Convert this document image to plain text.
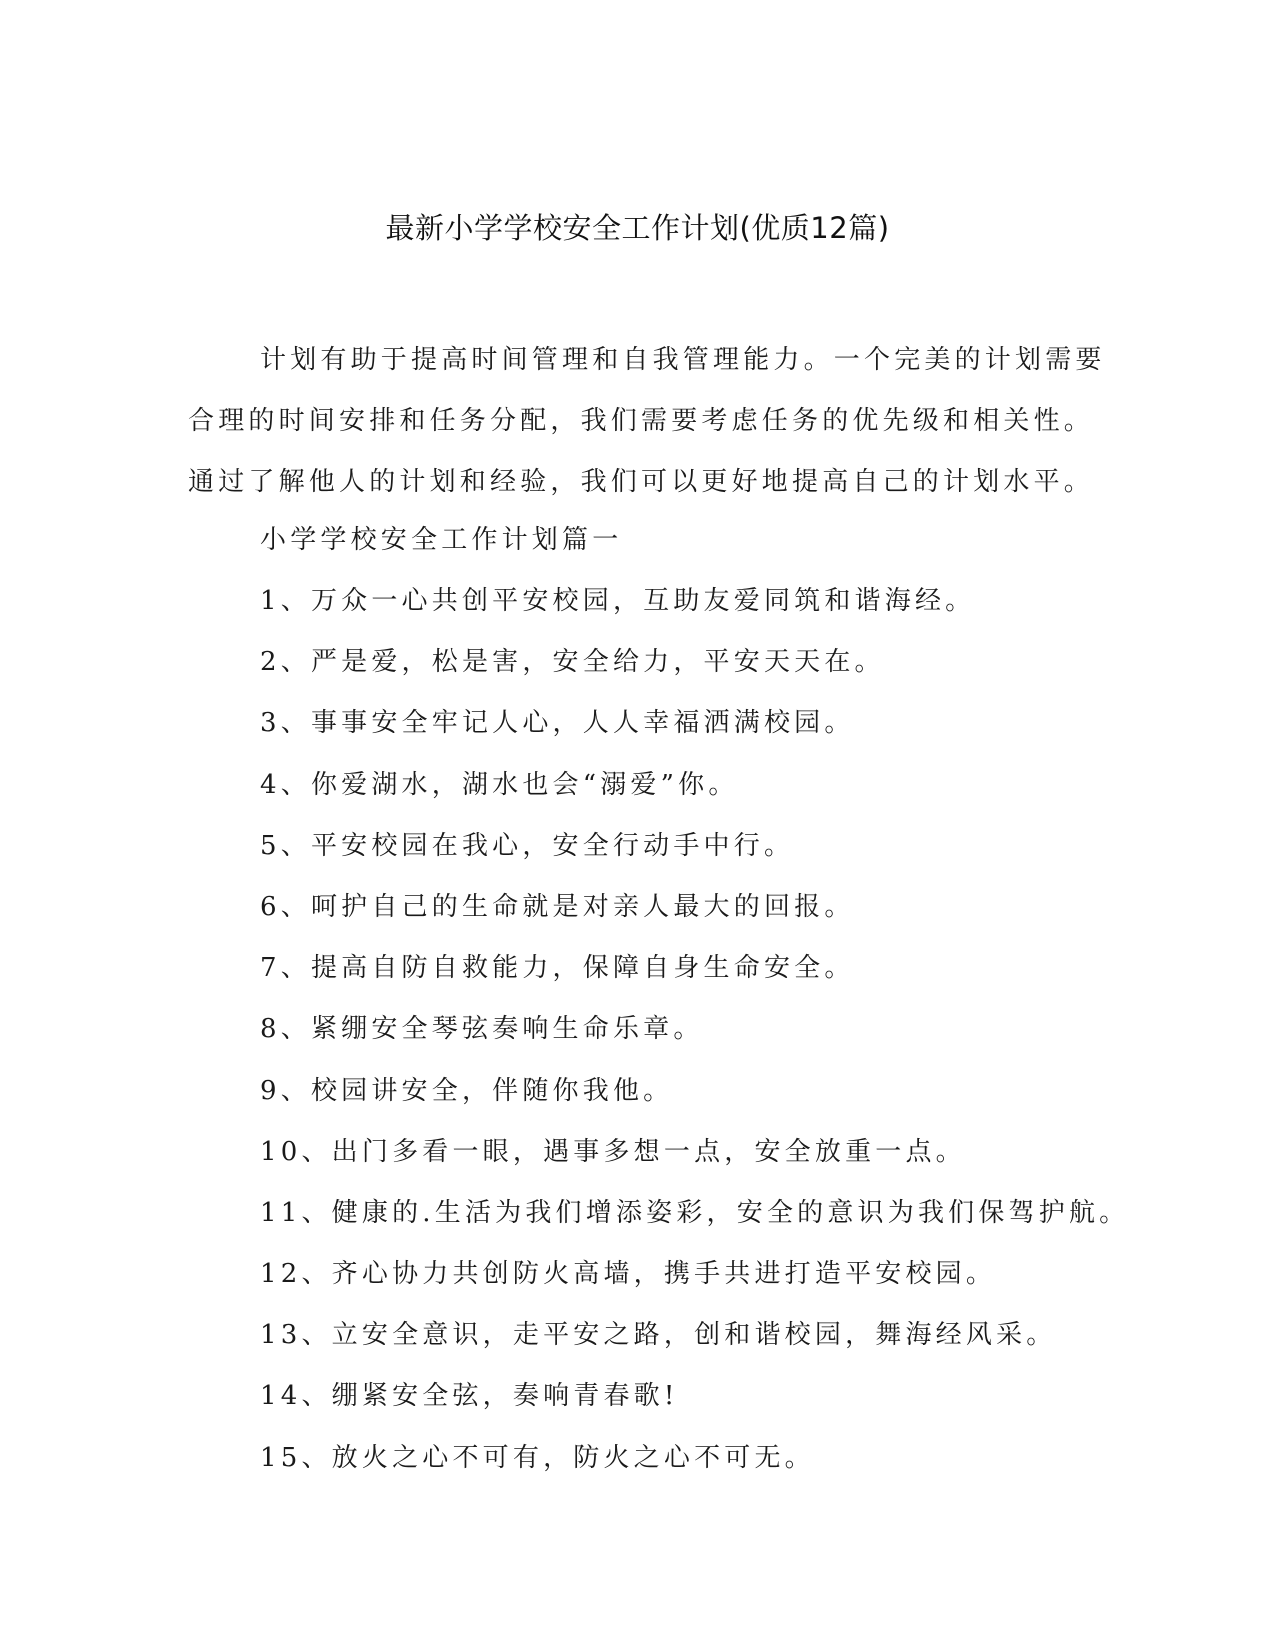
最新小学学校安全工作计划(优质12篇)
计划有助于提高时间管理和自我管理能力。一个完美的计划需要
合理的时间安排和任务分配，我们需要考虑任务的优先级和相关性。
通过了解他人的计划和经验，我们可以更好地提高自己的计划水平。
小学学校安全工作计划篇一
1、万众一心共创平安校园，互助友爱同筑和谐海经。
2、严是爱，松是害，安全给力，平安天天在。
3、事事安全牢记人心，人人幸福洒满校园。
4、你爱湖水，湖水也会“溺爱”你。
5、平安校园在我心，安全行动手中行。
6、呵护自己的生命就是对亲人最大的回报。
7、提高自防自救能力，保障自身生命安全。
8、紧绷安全琴弦奏响生命乐章。
9、校园讲安全，伴随你我他。
10、出门多看一眼，遇事多想一点，安全放重一点。
11、健康的.生活为我们增添姿彩，安全的意识为我们保驾护航。
12、齐心协力共创防火高墙，携手共进打造平安校园。
13、立安全意识，走平安之路，创和谐校园，舞海经风采。
14、绷紧安全弦，奏响青春歌!
15、放火之心不可有，防火之心不可无。
